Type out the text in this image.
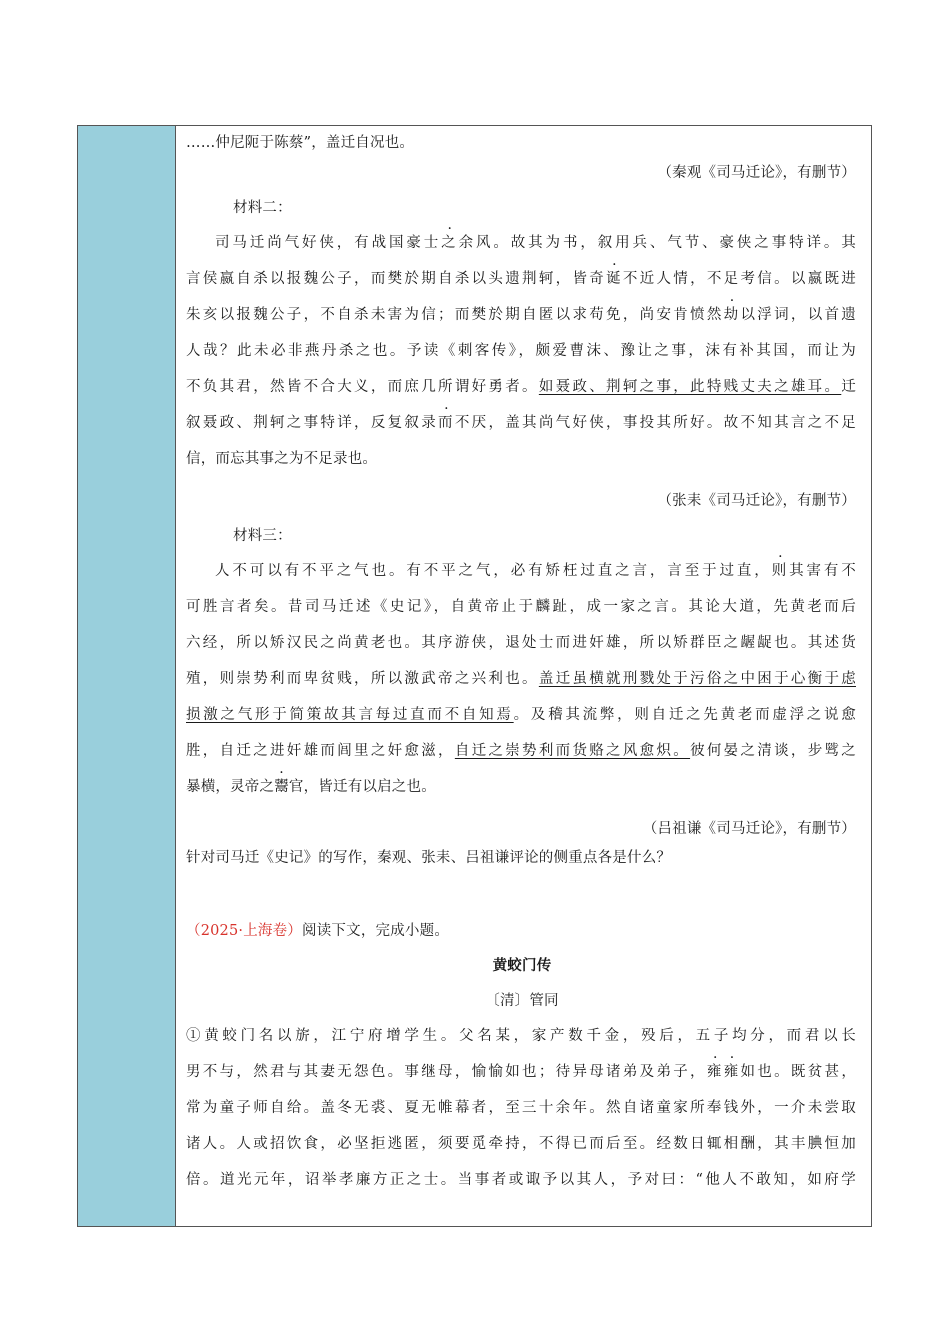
……仲尼阨于陈蔡”，盖迁自况也。
（秦观《司马迁论》，有删节）
材料二：
司马迁尚气好侠，有战国豪士之余风。故其为书，叙用兵、气节、豪侠之事特详。其
言侯嬴自杀以报魏公子，而樊於期自杀以头遗荆轲，皆奇诞不近人情，不足考信。以嬴既进
朱亥以报魏公子，不自杀未害为信；而樊於期自匿以求苟免，尚安肯愤然劫以浮词，以首遗
人哉？此未必非燕丹杀之也。予读《刺客传》，颇爱曹沫、豫让之事，沫有补其国，而让为
不负其君，然皆不合大义，而庶几所谓好勇者。如聂政、荆轲之事，此特贱丈夫之雄耳。迁
叙聂政、荆轲之事特详，反复叙录而不厌，盖其尚气好侠，事投其所好。故不知其言之不足
信，而忘其事之为不足录也。
（张耒《司马迁论》，有删节）
材料三：
人不可以有不平之气也。有不平之气，必有矫枉过直之言，言至于过直，则其害有不
可胜言者矣。昔司马迁述《史记》，自黄帝止于麟趾，成一家之言。其论大道，先黄老而后
六经，所以矫汉民之尚黄老也。其序游侠，退处士而进奸雄，所以矫群臣之龌龊也。其述货
殖，则崇势利而卑贫贱，所以激武帝之兴利也。盖迁虽横就刑戮处于污俗之中困于心衡于虑
损激之气形于简策故其言每过直而不自知焉。及稽其流弊，则自迁之先黄老而虚浮之说愈
胜，自迁之进奸雄而闾里之奸愈滋，自迁之崇势利而货赂之风愈炽。彼何晏之清谈，步骘之
暴横，灵帝之鬻官，皆迁有以启之也。
（吕祖谦《司马迁论》，有删节）
针对司马迁《史记》的写作，秦观、张耒、吕祖谦评论的侧重点各是什么？
（2025·上海卷）阅读下文，完成小题。
黄蛟门传
〔清〕管同
①黄蛟门名以旂，江宁府增学生。父名某，家产数千金，殁后，五子均分，而君以长
男不与，然君与其妻无怨色。事继母，愉愉如也；待异母诸弟及弟子，雍雍如也。既贫甚，
常为童子师自给。盖冬无裘、夏无帷幕者，至三十余年。然自诸童家所奉钱外，一介未尝取
诸人。人或招饮食，必坚拒逃匿，须要觅牵持，不得已而后至。经数日辄相酬，其丰腆恒加
倍。道光元年，诏举孝廉方正之士。当事者或诹予以其人，予对曰：“他人不敢知，如府学
